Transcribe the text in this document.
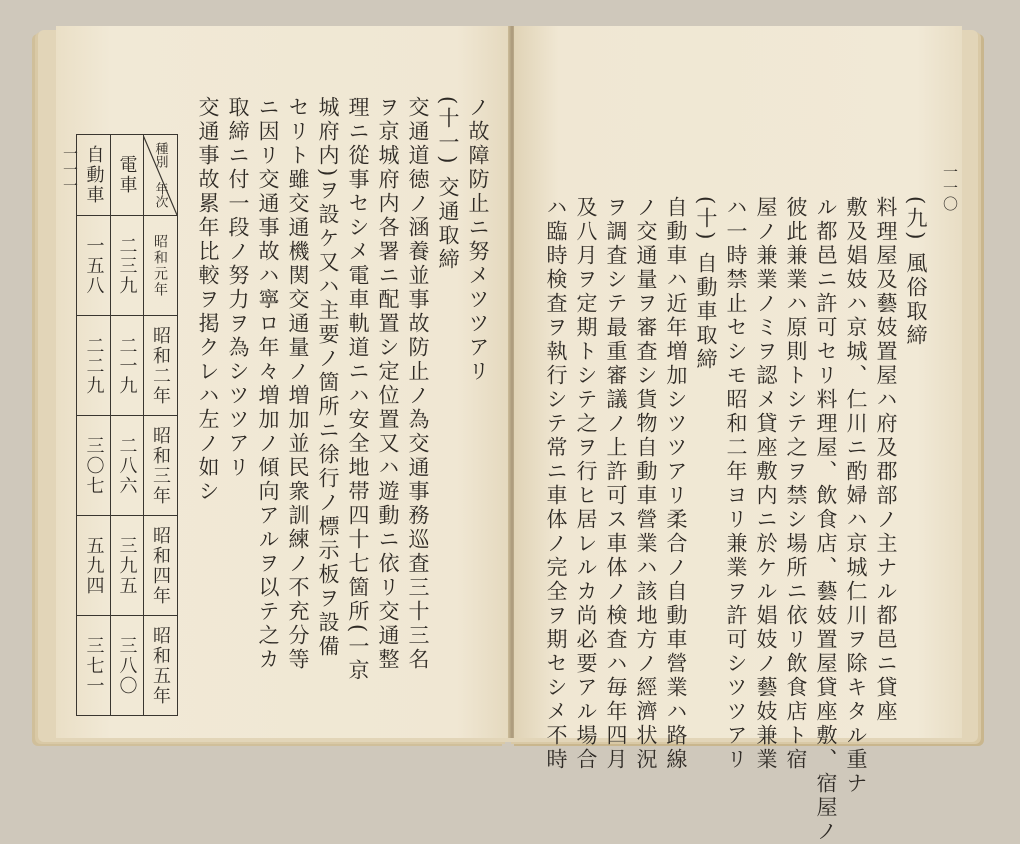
一一一	種別
年次
電車
自動車
昭和元年
二三九
一五八
昭和二年
二一九
二二九
昭和三年
二八六
三〇七
昭和四年
三九五
五九四
昭和五年
三八〇
三七一
ノ故障防止ニ努メツツアリ
(十一) 交通取締
交通道徳ノ涵養並事故防止ノ為交通事務巡査三十三名
ヲ京城府内各署ニ配置シ定位置又ハ遊動ニ依リ交通整
理ニ從事セシメ電車軌道ニハ安全地帯四十七箇所(一京
城府内)ヲ設ケ又ハ主要ノ箇所ニ徐行ノ標示板ヲ設備
セリト雖交通機関交通量ノ増加並民衆訓練ノ不充分等
ニ因リ交通事故ハ寧ロ年々増加ノ傾向アルヲ以テ之カ
取締ニ付一段ノ努力ヲ為シツツアリ
交通事故累年比較ヲ掲クレハ左ノ如シ	一一〇
(九) 風俗取締
料理屋及藝妓置屋ハ府及郡部ノ主ナル都邑ニ貸座
敷及娼妓ハ京城、仁川ニ酌婦ハ京城仁川ヲ除キタル重ナ
ル都邑ニ許可セリ料理屋、飲食店、藝妓置屋貸座敷、宿屋ノ
彼此兼業ハ原則トシテ之ヲ禁シ場所ニ依リ飲食店ト宿
屋ノ兼業ノミヲ認メ貸座敷内ニ於ケル娼妓ノ藝妓兼業
ハ一時禁止セシモ昭和二年ヨリ兼業ヲ許可シツツアリ
(十) 自動車取締
自動車ハ近年増加シツツアリ柔合ノ自動車營業ハ路線
ノ交通量ヲ審査シ貨物自動車營業ハ該地方ノ經濟状況
ヲ調査シテ最重審議ノ上許可ス車体ノ検査ハ毎年四月
及八月ヲ定期トシテ之ヲ行ヒ居レルカ尚必要アル場合
ハ臨時検査ヲ執行シテ常ニ車体ノ完全ヲ期セシメ不時
